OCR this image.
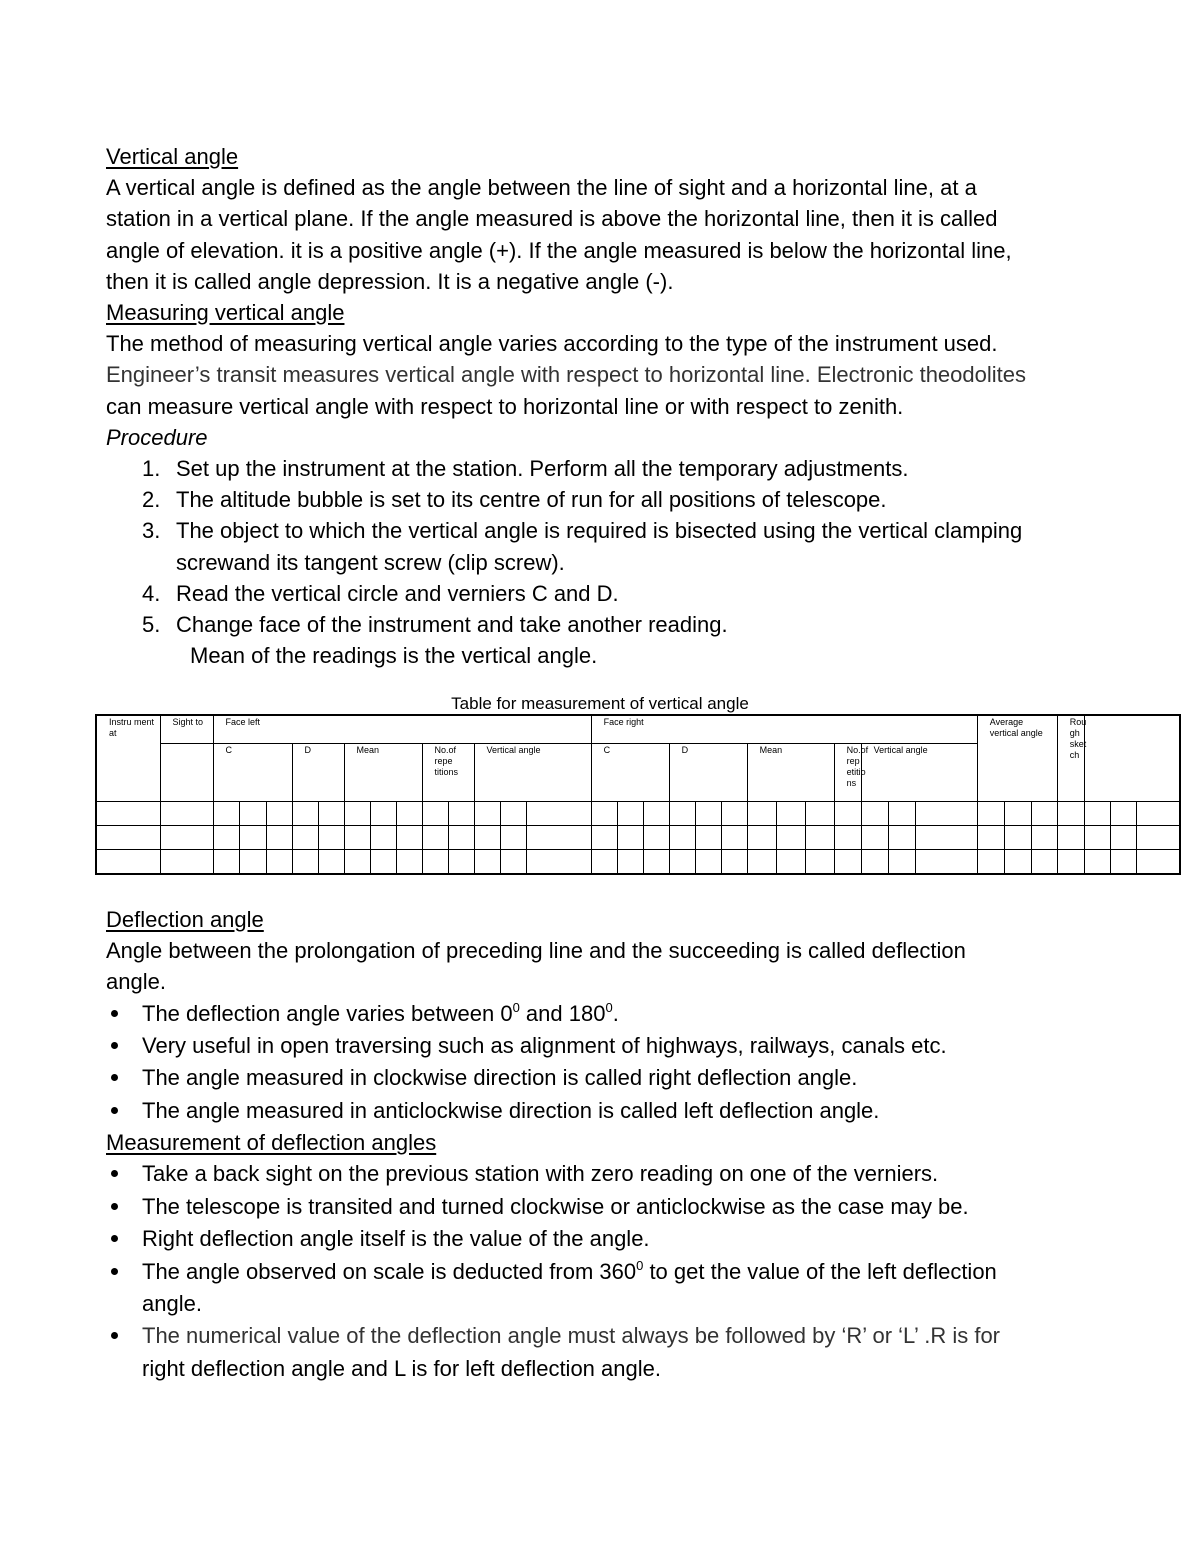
Vertical angle
A vertical angle is defined as the angle between the line of sight and a horizontal line, at a
station in a vertical plane. If the angle measured is above the horizontal line, then it is called
angle of elevation. it is a positive angle (+). If the angle measured is below the horizontal line,
then it is called angle depression. It is a negative angle (-).
Measuring vertical angle
The method of measuring vertical angle varies according to the type of the instrument used.
Engineer’s transit measures vertical angle with respect to horizontal line. Electronic theodolites
can measure vertical angle with respect to horizontal line or with respect to zenith.
Procedure
1. Set up the instrument at the station. Perform all the temporary adjustments.
2. The altitude bubble is set to its centre of run for all positions of telescope.
3. The object to which the vertical angle is required is bisected using the vertical clamping
screwand its tangent screw (clip screw).
4. Read the vertical circle and verniers C and D.
5. Change face of the instrument and take another reading.
Mean of the readings is the vertical angle.
Table for measurement of vertical angle
Instru ment at	Sight to	Face left													Face right													Average vertical angle			Rou gh sket ch			
		C			D		Mean			No.of repe titions		Vertical angle			C			D			Mean			No.of rep etitio ns	Vertical angle									

Deflection angle
Angle between the prolongation of preceding line and the succeeding is called deflection
angle.
The deflection angle varies between $0^0$ and $180^0$.
Very useful in open traversing such as alignment of highways, railways, canals etc.
The angle measured in clockwise direction is called right deflection angle.
The angle measured in anticlockwise direction is called left deflection angle.
Measurement of deflection angles
Take a back sight on the previous station with zero reading on one of the verniers.
The telescope is transited and turned clockwise or anticlockwise as the case may be.
Right deflection angle itself is the value of the angle.
The angle observed on scale is deducted from $360^0$ to get the value of the left deflection
angle.
The numerical value of the deflection angle must always be followed by ‘R’ or ‘L’ .R is for
right deflection angle and L is for left deflection angle.
